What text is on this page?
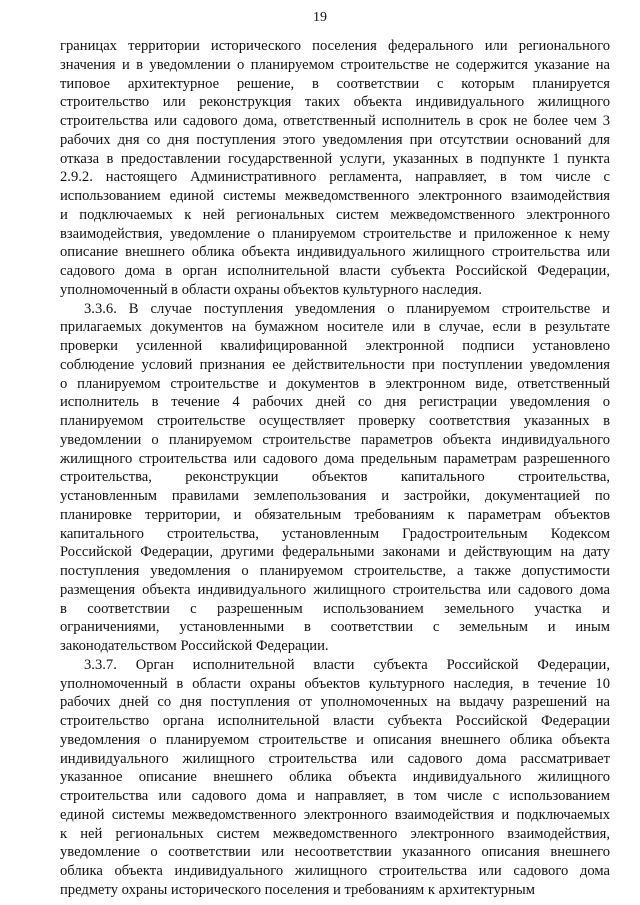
19
границах территории исторического поселения федерального или регионального
значения и в уведомлении о планируемом строительстве не содержится указание на
типовое архитектурное решение, в соответствии с которым планируется
строительство или реконструкция таких объекта индивидуального жилищного
строительства или садового дома, ответственный исполнитель в срок не более чем 3
рабочих дня со дня поступления этого уведомления при отсутствии оснований для
отказа в предоставлении государственной услуги, указанных в подпункте 1 пункта
2.9.2. настоящего Административного регламента, направляет, в том числе с
использованием единой системы межведомственного электронного взаимодействия
и подключаемых к ней региональных систем межведомственного электронного
взаимодействия, уведомление о планируемом строительстве и приложенное к нему
описание внешнего облика объекта индивидуального жилищного строительства или
садового дома в орган исполнительной власти субъекта Российской Федерации,
уполномоченный в области охраны объектов культурного наследия.
3.3.6. В случае поступления уведомления о планируемом строительстве и
прилагаемых документов на бумажном носителе или в случае, если в результате
проверки усиленной квалифицированной электронной подписи установлено
соблюдение условий признания ее действительности при поступлении уведомления
о планируемом строительстве и документов в электронном виде, ответственный
исполнитель в течение 4 рабочих дней со дня регистрации уведомления о
планируемом строительстве осуществляет проверку соответствия указанных в
уведомлении о планируемом строительстве параметров объекта индивидуального
жилищного строительства или садового дома предельным параметрам разрешенного
строительства, реконструкции объектов капитального строительства,
установленным правилами землепользования и застройки, документацией по
планировке территории, и обязательным требованиям к параметрам объектов
капитального строительства, установленным Градостроительным Кодексом
Российской Федерации, другими федеральными законами и действующим на дату
поступления уведомления о планируемом строительстве, а также допустимости
размещения объекта индивидуального жилищного строительства или садового дома
в соответствии с разрешенным использованием земельного участка и
ограничениями, установленными в соответствии с земельным и иным
законодательством Российской Федерации.
3.3.7. Орган исполнительной власти субъекта Российской Федерации,
уполномоченный в области охраны объектов культурного наследия, в течение 10
рабочих дней со дня поступления от уполномоченных на выдачу разрешений на
строительство органа исполнительной власти субъекта Российской Федерации
уведомления о планируемом строительстве и описания внешнего облика объекта
индивидуального жилищного строительства или садового дома рассматривает
указанное описание внешнего облика объекта индивидуального жилищного
строительства или садового дома и направляет, в том числе с использованием
единой системы межведомственного электронного взаимодействия и подключаемых
к ней региональных систем межведомственного электронного взаимодействия,
уведомление о соответствии или несоответствии указанного описания внешнего
облика объекта индивидуального жилищного строительства или садового дома
предмету охраны исторического поселения и требованиям к архитектурным
